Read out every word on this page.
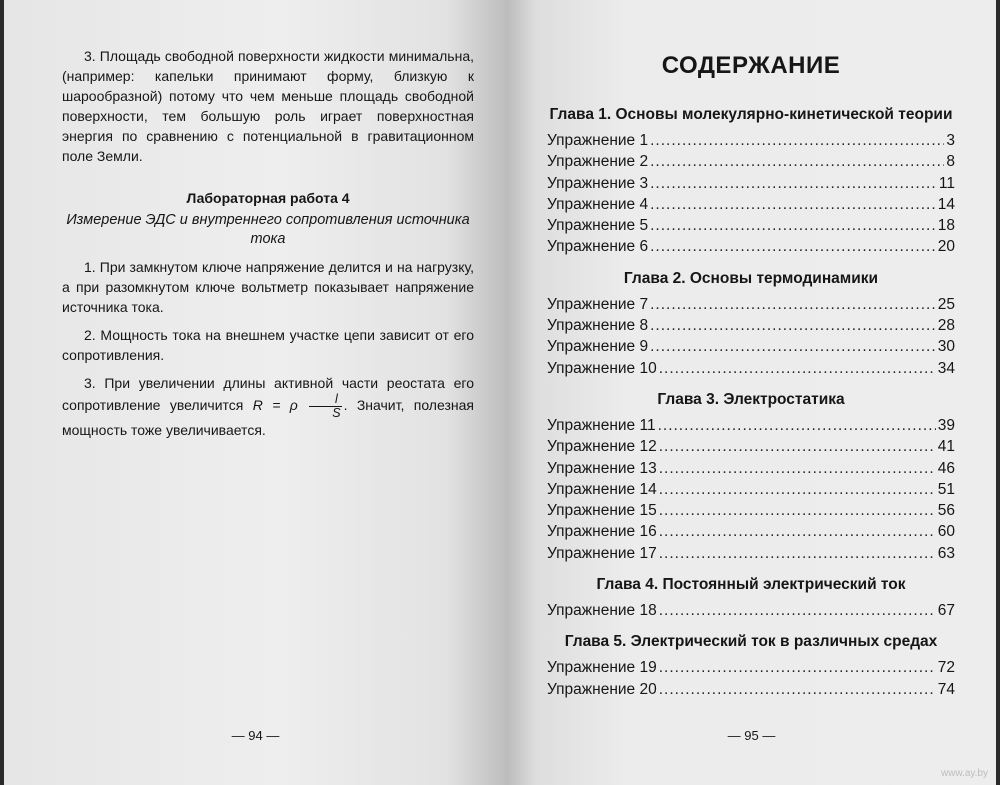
3. Площадь свободной поверхности жидкости минимальна, (например: капельки принимают форму, близкую к шарообразной) потому что чем меньше площадь свободной поверхности, тем большую роль играет поверхностная энергия по сравнению с потенциальной в гравитационном поле Земли.

Лабораторная работа 4
Измерение ЭДС и внутреннего сопротивления источника тока

1. При замкнутом ключе напряжение делится и на нагрузку, а при разомкнутом ключе вольтметр показывает напряжение источника тока.

2. Мощность тока на внешнем участке цепи зависит от его сопротивления.

3. При увеличении длины активной части реостата его сопротивление увеличится R = ρ $\frac{l}{S}$ . Значит, полезная мощность тоже увеличивается.

— 94 —
СОДЕРЖАНИЕ
Глава 1. Основы молекулярно-кинетической теории
Упражнение 1 .....	3
Упражнение 2 .....	8
Упражнение 3 .....	11
Упражнение 4 .....	14
Упражнение 5 .....	18
Упражнение 6 .....	20
Глава 2. Основы термодинамики
Упражнение 7 .....	25
Упражнение 8 .....	28
Упражнение 9 .....	30
Упражнение 10 .....	34
Глава 3. Электростатика
Упражнение 11 .....	39
Упражнение 12 .....	41
Упражнение 13 .....	46
Упражнение 14 .....	51
Упражнение 15 .....	56
Упражнение 16 .....	60
Упражнение 17 .....	63
Глава 4. Постоянный электрический ток
Упражнение 18 .....	67
Глава 5. Электрический ток в различных средах
Упражнение 19 .....	72
Упражнение 20 .....	74
— 95 —
www.ay.by
